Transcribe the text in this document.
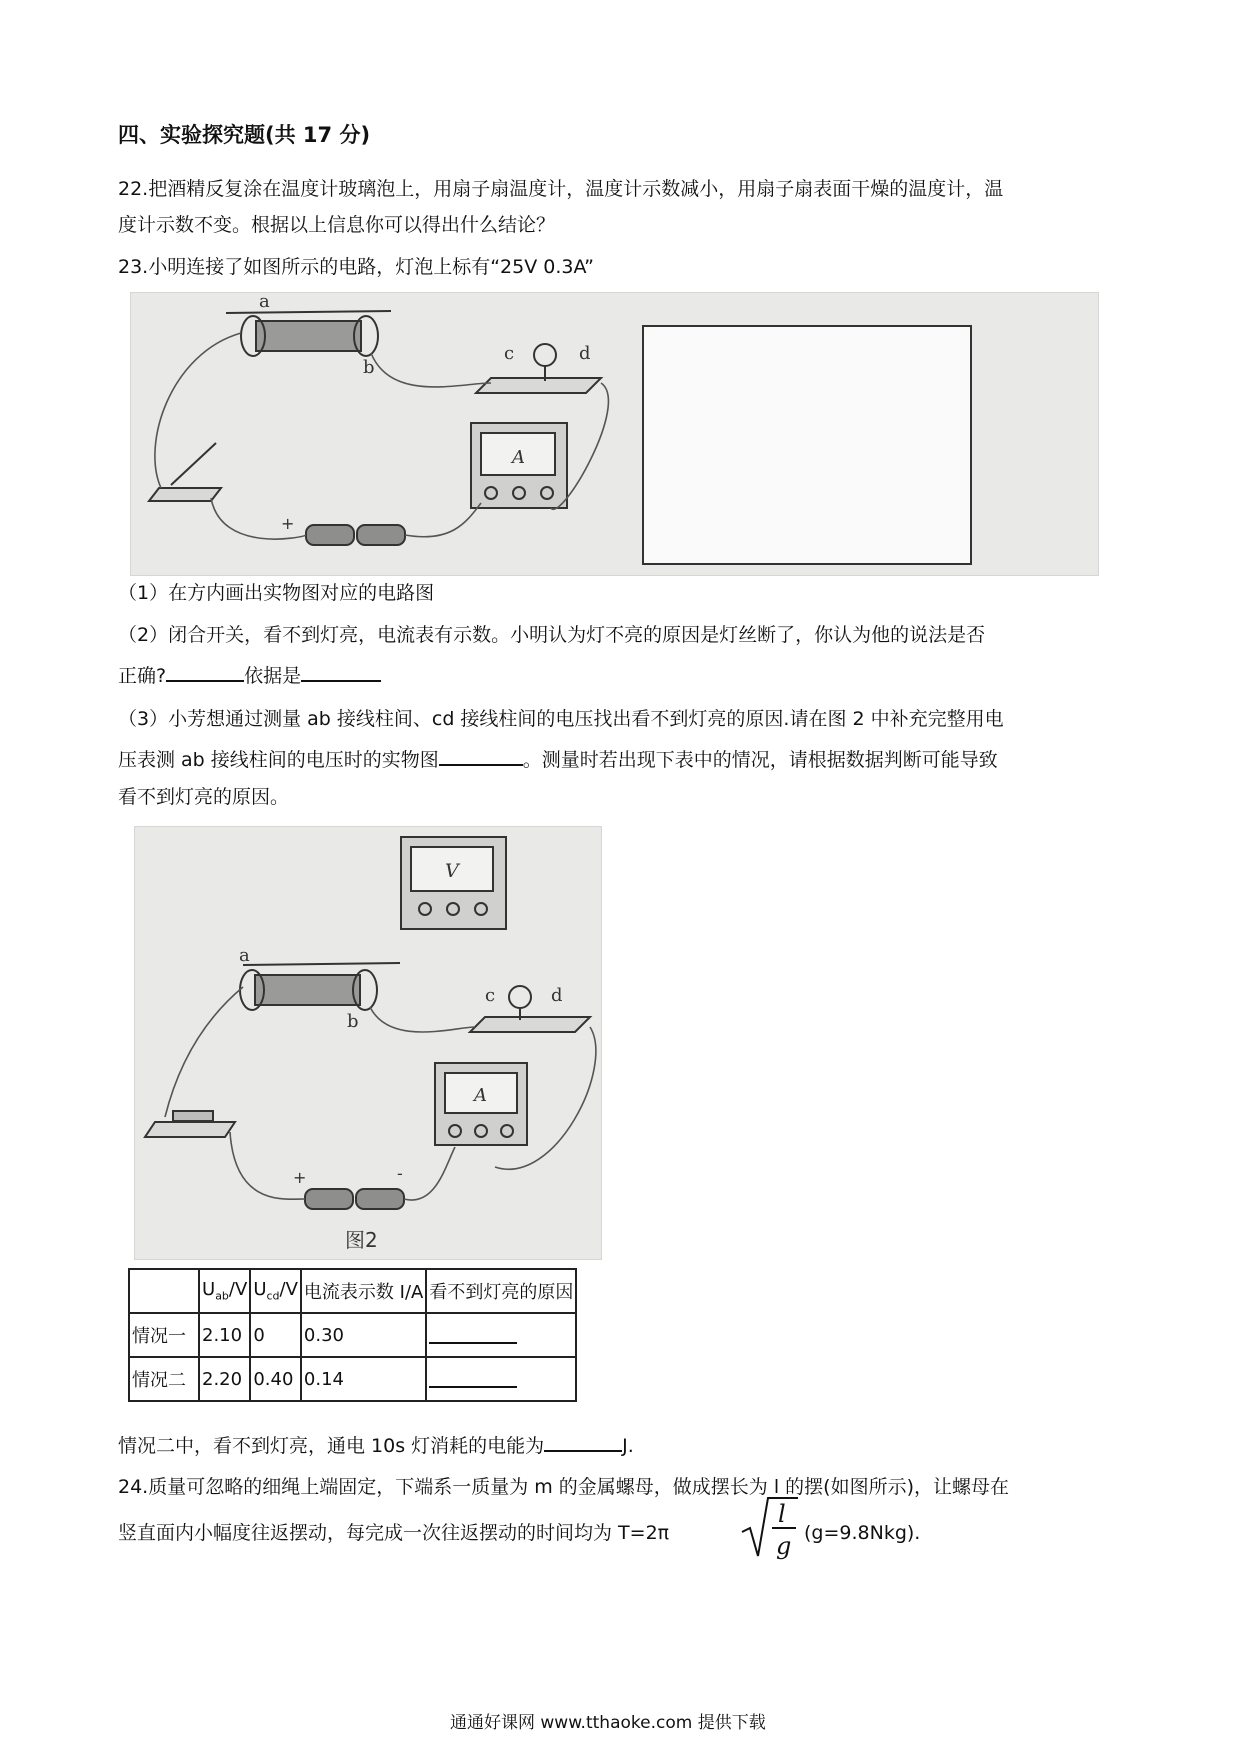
四、实验探究题(共 17 分)
22.把酒精反复涂在温度计玻璃泡上，用扇子扇温度计，温度计示数减小，用扇子扇表面干燥的温度计，温
度计示数不变。根据以上信息你可以得出什么结论？
23.小明连接了如图所示的电路，灯泡上标有“25V 0.3A”
a
b
c	d
A
+
（1）在方内画出实物图对应的电路图
（2）闭合开关，看不到灯亮，电流表有示数。小明认为灯不亮的原因是灯丝断了，你认为他的说法是否
正确?	依据是
（3）小芳想通过测量 ab 接线柱间、cd 接线柱间的电压找出看不到灯亮的原因.请在图 2 中补充完整用电
压表测 ab 接线柱间的电压时的实物图	。测量时若出现下表中的情况，请根据数据判断可能导致
看不到灯亮的原因。
V
a
b
c	d
A
+	-
图2
	$U_{ab}/V$	$U_{cd}/V$	电流表示数 I/A	看不到灯亮的原因
情况一	2.10	0	0.30	
情况二	2.20	0.40	0.14	
情况二中，看不到灯亮，通电 10s 灯消耗的电能为	J.
24.质量可忽略的细绳上端固定，下端系一质量为 m 的金属螺母，做成摆长为 l 的摆(如图所示)，让螺母在
竖直面内小幅度往返摆动，每完成一次往返摆动的时间均为 T=2π
l
g (g=9.8Nkg).
通通好课网 www.tthaoke.com 提供下载
